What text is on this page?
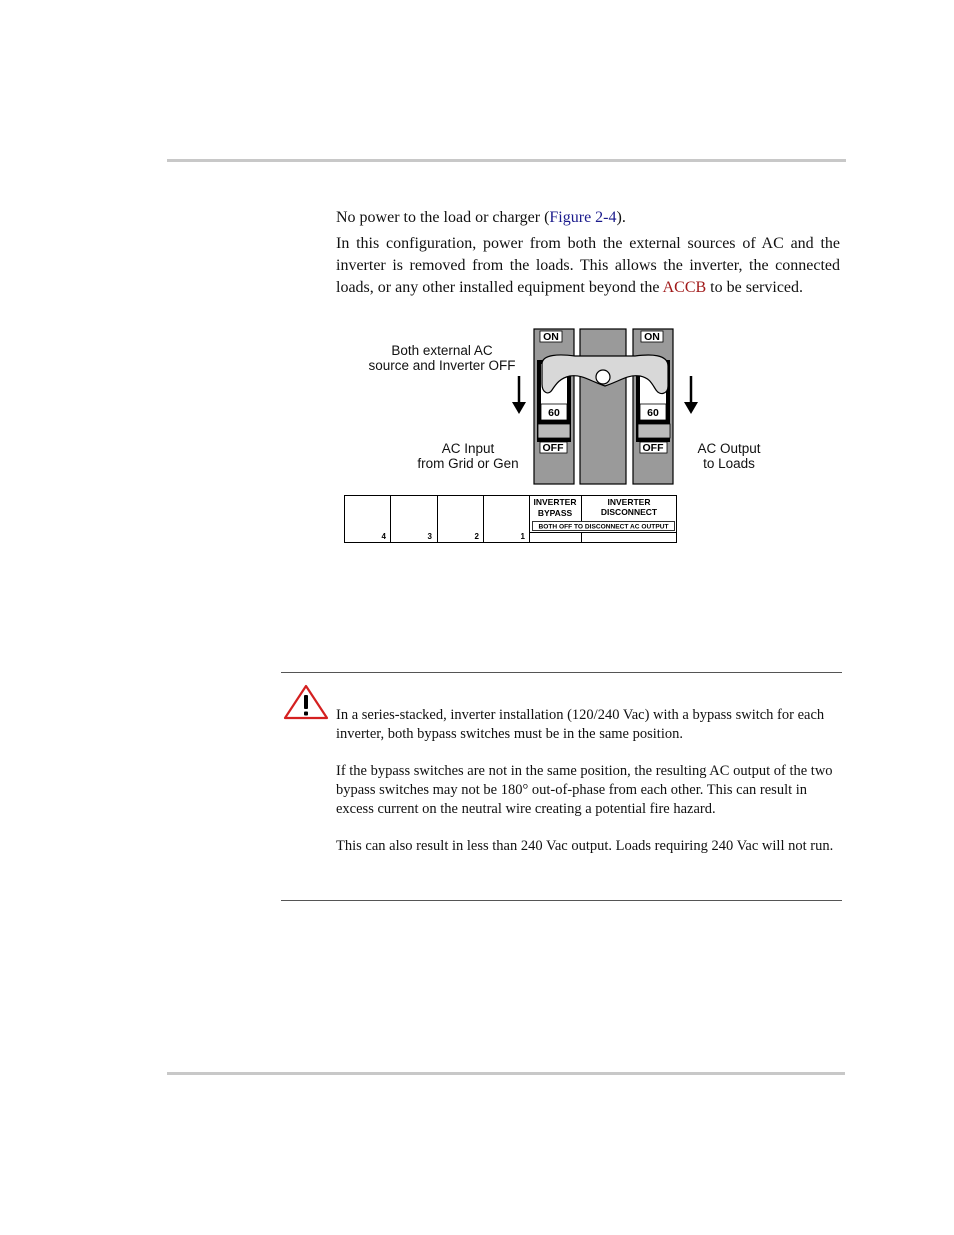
No power to the load or charger (Figure 2-4).
In this configuration, power from both the external sources of AC and the inverter is removed from the loads. This allows the inverter, the connected loads, or any other installed equipment beyond the ACCB to be serviced.
Both external AC
source and Inverter OFF
AC Input
from Grid or Gen
AC Output
to Loads
ON
60
OFF
ON
60
OFF
4	3	2	1
INVERTER
BYPASS
INVERTER
DISCONNECT
BOTH OFF TO DISCONNECT AC OUTPUT
In a series-stacked, inverter installation (120/240 Vac) with a bypass switch for each inverter, both bypass switches must be in the same position.
If the bypass switches are not in the same position, the resulting AC output of the two bypass switches may not be 180° out-of-phase from each other. This can result in excess current on the neutral wire creating a potential fire hazard.
This can also result in less than 240 Vac output. Loads requiring 240 Vac will not run.
